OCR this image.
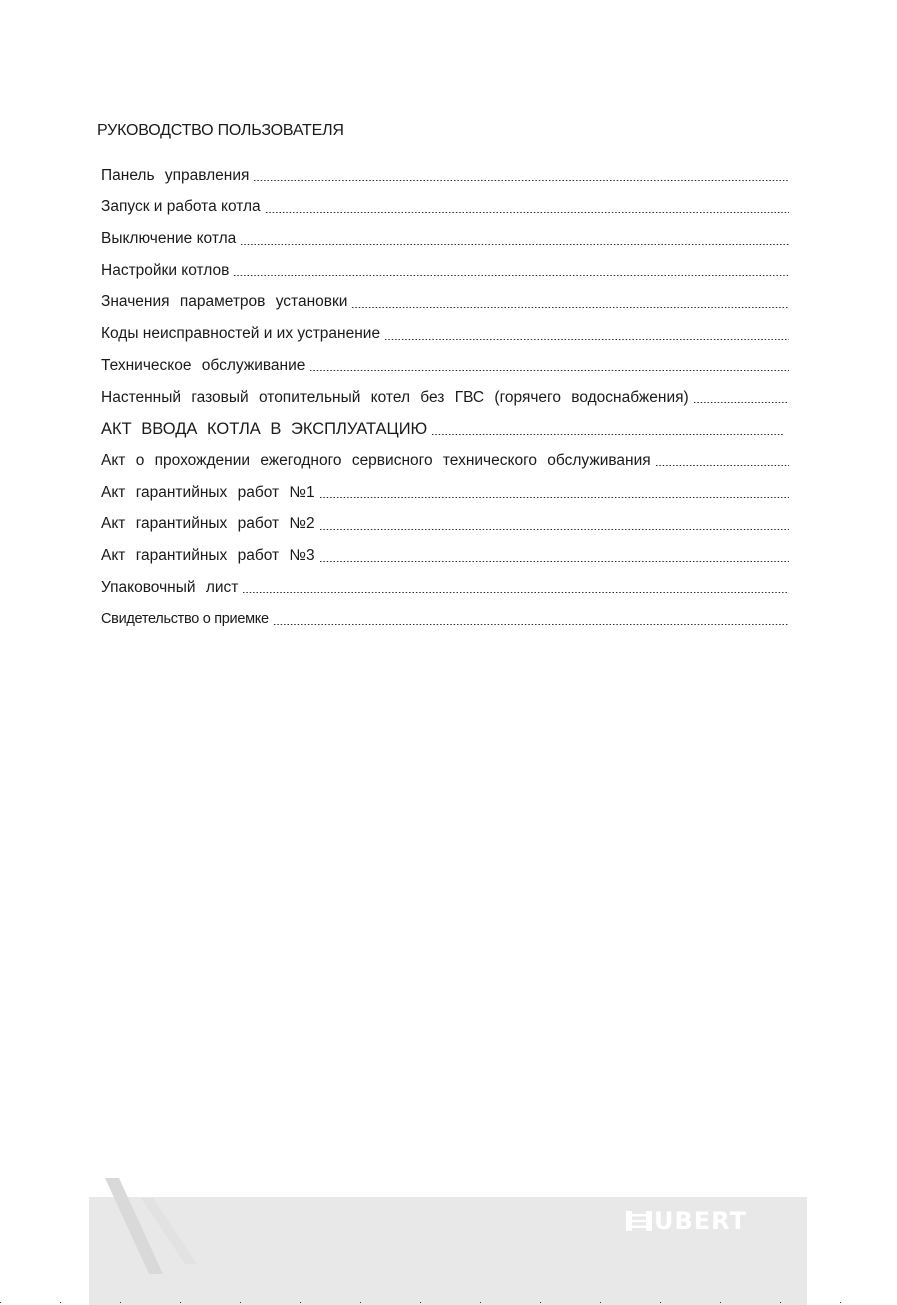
РУКОВОДСТВО ПОЛЬЗОВАТЕЛЯ
Панель управления
Запуск и работа котла
Выключение котла
Настройки котлов
Значения параметров установки
Коды неисправностей и их устранение
Техническое обслуживание
Настенный газовый отопительный котел без ГВС (горячего водоснабжения)
АКТ ВВОДА КОТЛА В ЭКСПЛУАТАЦИЮ
Акт о прохождении ежегодного сервисного технического обслуживания
Акт гарантийных работ №1
Акт гарантийных работ №2
Акт гарантийных работ №3
Упаковочный лист
Свидетельство о приемке
UBERT
